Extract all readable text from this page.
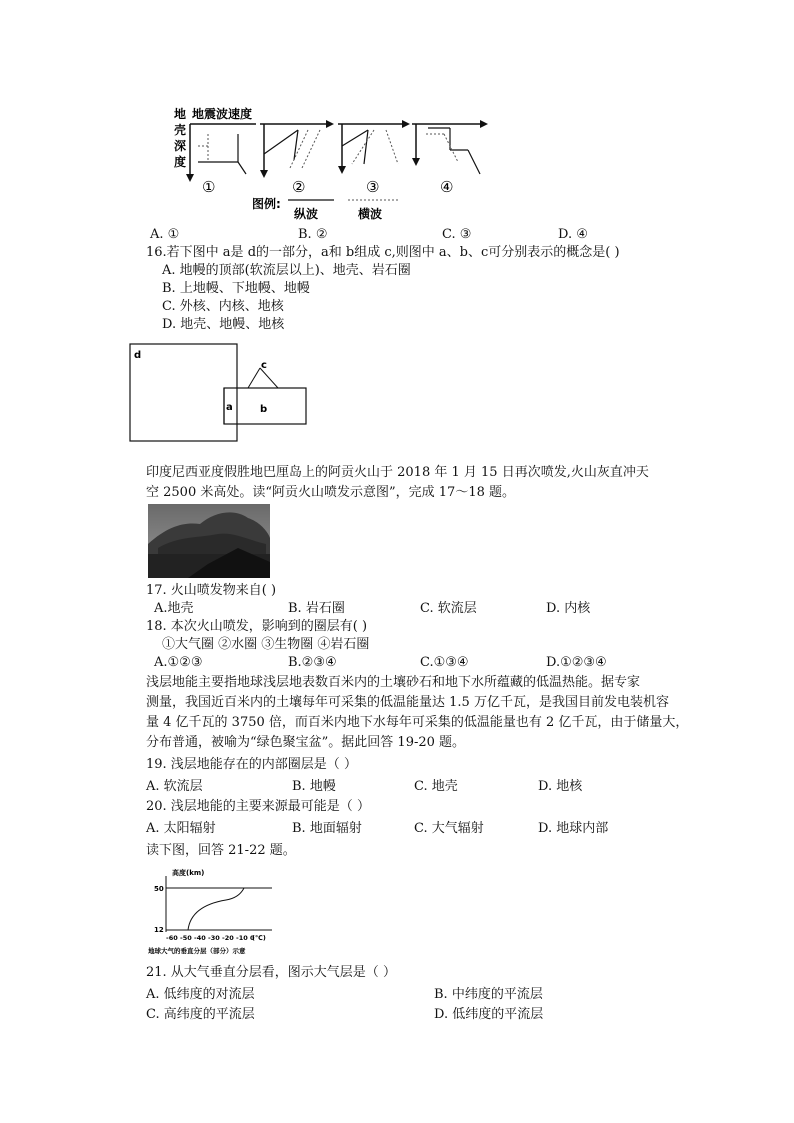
地
壳
深
度
地震波速度
①	②	③	④
图例:
纵波	横波
A. ①	B. ②	C. ③	D. ④
16.若下图中 a是 d的一部分，a和 b组成 c,则图中 a、b、c可分别表示的概念是( )
A. 地幔的顶部(软流层以上)、地壳、岩石圈
B. 上地幔、下地幔、地幔
C. 外核、内核、地核
D. 地壳、地幔、地核
d
c
a	b
印度尼西亚度假胜地巴厘岛上的阿贡火山于 2018 年 1 月 15 日再次喷发,火山灰直冲天
空 2500 米高处。读“阿贡火山喷发示意图”，完成 17～18 题。
17. 火山喷发物来自( )
A.地壳	B. 岩石圈	C. 软流层	D. 内核
18. 本次火山喷发，影响到的圈层有( )
①大气圈 ②水圈 ③生物圈 ④岩石圈
A.①②③	B.②③④	C.①③④	D.①②③④
浅层地能主要指地球浅层地表数百米内的土壤砂石和地下水所蕴藏的低温热能。据专家
测量，我国近百米内的土壤每年可采集的低温能量达 1.5 万亿千瓦，是我国目前发电装机容
量 4 亿千瓦的 3750 倍，而百米内地下水每年可采集的低温能量也有 2 亿千瓦，由于储量大，
分布普通，被喻为“绿色聚宝盆”。据此回答 19-20 题。
19. 浅层地能存在的内部圈层是（ ）
A. 软流层	B. 地幔	C. 地壳	D. 地核
20. 浅层地能的主要来源最可能是（ ）
A. 太阳辐射	B. 地面辐射	C. 大气辐射	D. 地球内部
读下图，回答 21-22 题。
高度(km)
50
12
-60 -50 -40 -30 -20 -10 0
(℃)
地球大气的垂直分层（部分）示意
21. 从大气垂直分层看，图示大气层是（ ）
A. 低纬度的对流层	B. 中纬度的平流层
C. 高纬度的平流层	D. 低纬度的平流层
